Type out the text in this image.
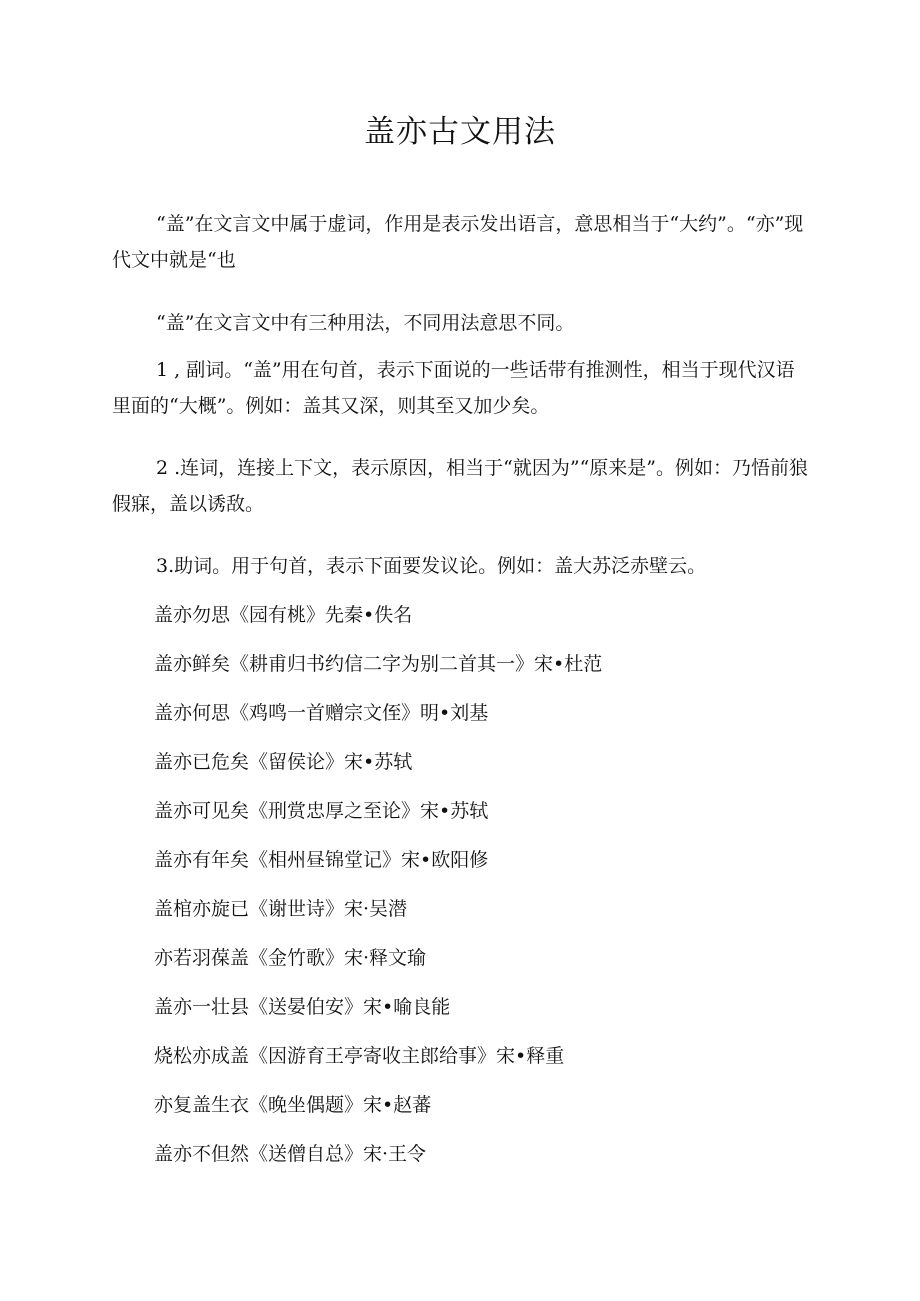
盖亦古文用法
“盖”在文言文中属于虚词，作用是表示发出语言，意思相当于“大约”。“亦”现代文中就是“也
“盖”在文言文中有三种用法，不同用法意思不同。
1 , 副词。“盖”用在句首，表示下面说的一些话带有推测性，相当于现代汉语里面的“大概”。例如：盖其又深，则其至又加少矣。
2 .连词，连接上下文，表示原因，相当于“就因为”“原来是”。例如：乃悟前狼假寐，盖以诱敌。
3.助词。用于句首，表示下面要发议论。例如：盖大苏泛赤壁云。
盖亦勿思《园有桃》先秦•佚名
盖亦鲜矣《耕甫归书约信二字为别二首其一》宋•杜范
盖亦何思《鸡鸣一首赠宗文侄》明•刘基
盖亦已危矣《留侯论》宋•苏轼
盖亦可见矣《刑赏忠厚之至论》宋•苏轼
盖亦有年矣《相州昼锦堂记》宋•欧阳修
盖棺亦旋已《谢世诗》宋·吴潜
亦若羽葆盖《金竹歌》宋·释文瑜
盖亦一壮县《送晏伯安》宋•喻良能
烧松亦成盖《因游育王亭寄收主郎给事》宋•释重
亦复盖生衣《晚坐偶题》宋•赵蕃
盖亦不但然《送僧自总》宋·王令
